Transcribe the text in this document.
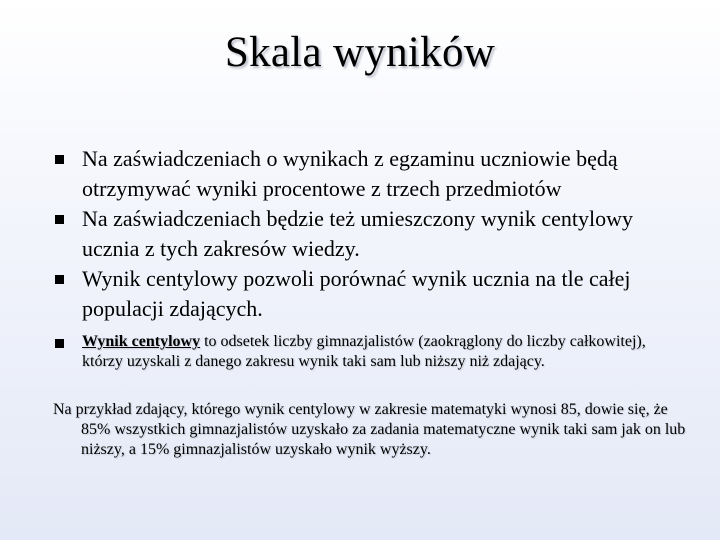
Skala wyników
Na zaświadczeniach o wynikach z egzaminu uczniowie będą otrzymywać wyniki procentowe z trzech przedmiotów
Na zaświadczeniach będzie też umieszczony wynik centylowy ucznia z tych zakresów wiedzy.
Wynik centylowy pozwoli porównać wynik ucznia na tle całej populacji zdających.
Wynik centylowy to odsetek liczby gimnazjalistów (zaokrąglony do liczby całkowitej), którzy uzyskali z danego zakresu wynik taki sam lub niższy niż zdający.
Na przykład zdający, którego wynik centylowy w zakresie matematyki wynosi 85, dowie się, że 85% wszystkich gimnazjalistów uzyskało za zadania matematyczne wynik taki sam jak on lub niższy, a 15% gimnazjalistów uzyskało wynik wyższy.
